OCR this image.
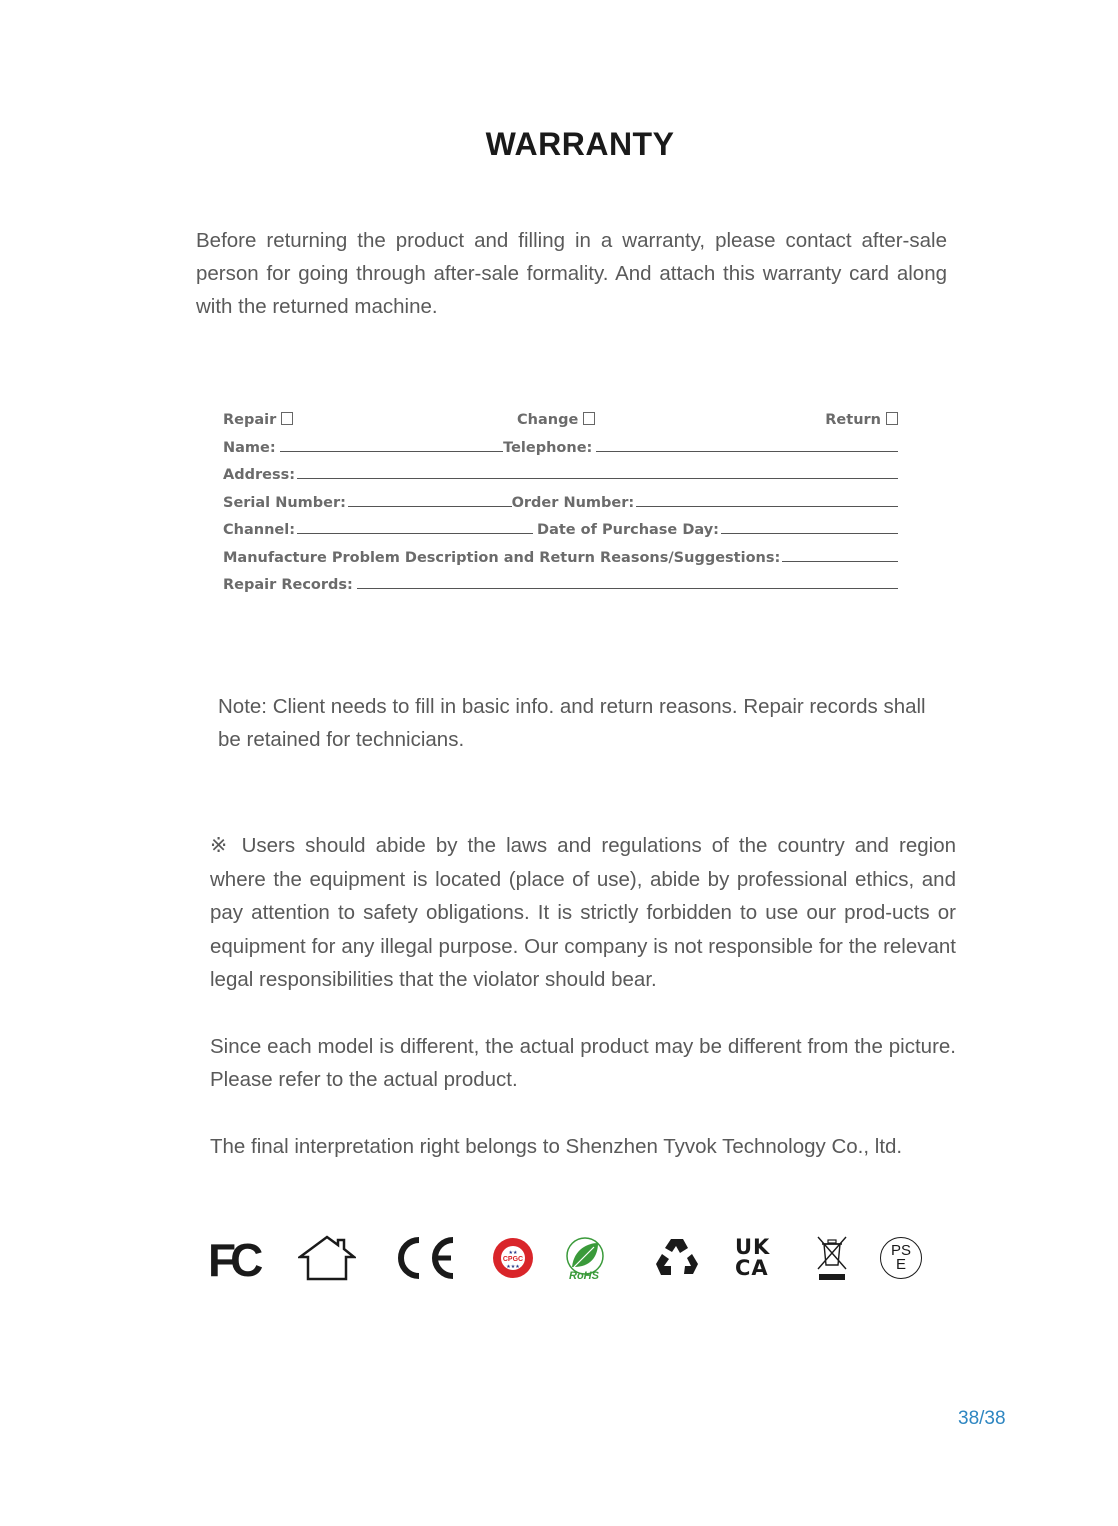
WARRANTY
Before returning the product and filling in a warranty, please contact after-sale person for going through after-sale formality. And attach this warranty card along with the returned machine.
Repair	Change	Return
Name:	Telephone:
Address:
Serial Number:	Order Number:
Channel:	Date of Purchase Day:
Manufacture Problem Description and Return Reasons/Suggestions:
Repair Records:
Note: Client needs to fill in basic info. and return reasons. Repair records shall be retained for technicians.

※ Users should abide by the laws and regulations of the country and region where the equipment is located (place of use), abide by professional ethics, and pay attention to safety obligations. It is strictly forbidden to use our prod-ucts or equipment for any illegal purpose. Our company is not responsible for the relevant legal responsibilities that the violator should bear.

Since each model is different, the actual product may be different from the picture. Please refer to the actual product.

The final interpretation right belongs to Shenzhen Tyvok Technology Co., ltd.

FC	CPGC
★★
★★★
RoHS
UKCA
PSE
38/38
